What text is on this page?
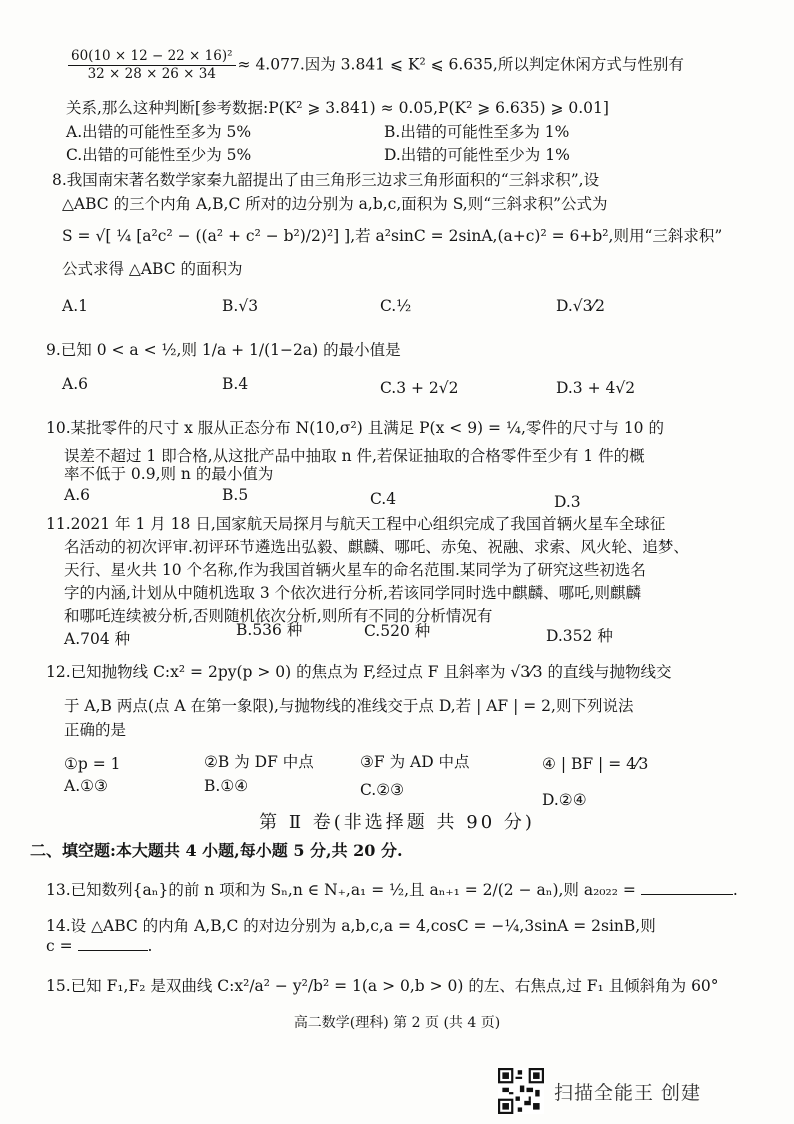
$\frac{\text{60(10 × 12 − 22 × 16)²}}{32 \times 28 \times 26 \times 34} \approx 4.077$.因为 3.841 ⩽ K² ⩽ 6.635,所以判定休闲方式与性别有
关系,那么这种判断[参考数据:P(K² ⩾ 3.841) ≈ 0.05,P(K² ⩾ 6.635) ⩾ 0.01]
A.出错的可能性至多为 5%	B.出错的可能性至多为 1%
C.出错的可能性至少为 5%	D.出错的可能性至少为 1%
8.我国南宋著名数学家秦九韶提出了由三角形三边求三角形面积的“三斜求积”,设
△ABC 的三个内角 A,B,C 所对的边分别为 a,b,c,面积为 S,则“三斜求积”公式为
S = √[ ¼ [a²c² − ((a² + c² − b²)/2)²] ],若 a²sinC = 2sinA,(a+c)² = 6+b²,则用“三斜求积”
公式求得 △ABC 的面积为
A.1	B.√3	C.½	D.√3⁄2
9.已知 0 < a < ½,则 1/a + 1/(1−2a) 的最小值是
A.6	B.4	C.3 + 2√2	D.3 + 4√2
10.某批零件的尺寸 x 服从正态分布 N(10,σ²) 且满足 P(x < 9) = ¼,零件的尺寸与 10 的
误差不超过 1 即合格,从这批产品中抽取 n 件,若保证抽取的合格零件至少有 1 件的概
率不低于 0.9,则 n 的最小值为
A.6	B.5	C.4	D.3
11.2021 年 1 月 18 日,国家航天局探月与航天工程中心组织完成了我国首辆火星车全球征
名活动的初次评审.初评环节遴选出弘毅、麒麟、哪吒、赤兔、祝融、求索、风火轮、追梦、
天行、星火共 10 个名称,作为我国首辆火星车的命名范围.某同学为了研究这些初选名
字的内涵,计划从中随机选取 3 个依次进行分析,若该同学同时选中麒麟、哪吒,则麒麟
和哪吒连续被分析,否则随机依次分析,则所有不同的分析情况有
A.704 种	B.536 种	C.520 种	D.352 种
12.已知抛物线 C:x² = 2py(p > 0) 的焦点为 F,经过点 F 且斜率为 √3⁄3 的直线与抛物线交
于 A,B 两点(点 A 在第一象限),与抛物线的准线交于点 D,若 | AF | = 2,则下列说法
正确的是
①p = 1	②B 为 DF 中点	③F 为 AD 中点	④ | BF | = 4⁄3
A.①③	B.①④	C.②③
D.②④
第 Ⅱ 卷(非选择题 共 90 分)
二、填空题:本大题共 4 小题,每小题 5 分,共 20 分.
13.已知数列{aₙ}的前 n 项和为 Sₙ,n ∈ N₊,a₁ = ½,且 aₙ₊₁ = 2/(2 − aₙ),则 a₂₀₂₂ =	.
14.设 △ABC 的内角 A,B,C 的对边分别为 a,b,c,a = 4,cosC = −¼,3sinA = 2sinB,则
c =	.
15.已知 F₁,F₂ 是双曲线 C:x²/a² − y²/b² = 1(a > 0,b > 0) 的左、右焦点,过 F₁ 且倾斜角为 60°
高二数学(理科) 第 2 页 (共 4 页)
扫描全能王 创建
